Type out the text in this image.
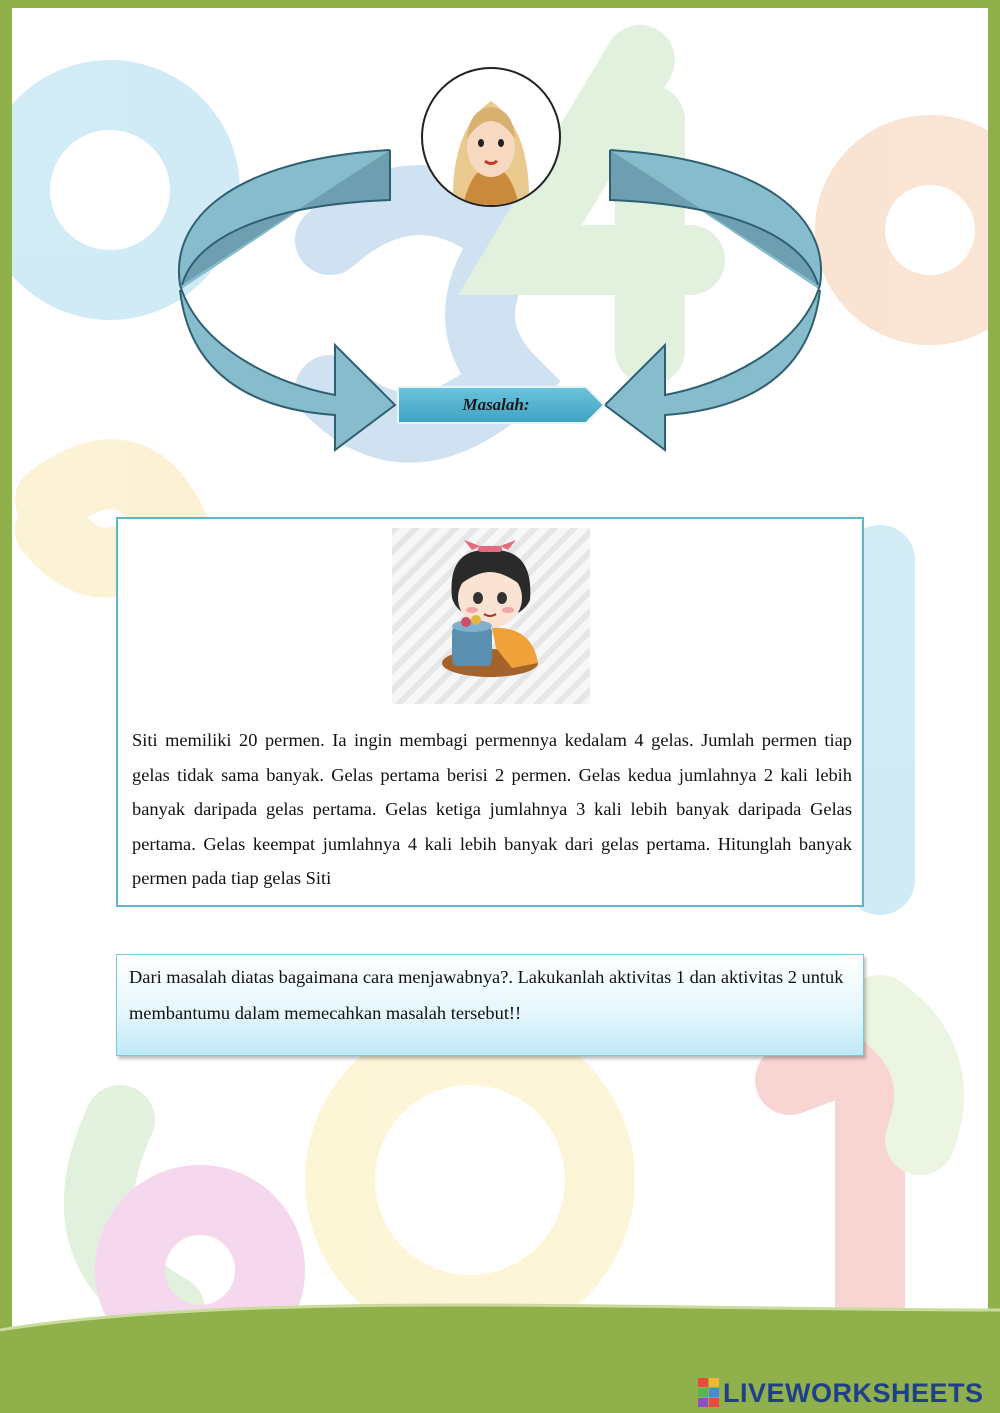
Masalah:

Siti memiliki 20 permen. Ia ingin membagi permennya kedalam 4 gelas. Jumlah permen tiap gelas tidak sama banyak. Gelas pertama berisi 2 permen. Gelas kedua jumlahnya 2 kali lebih banyak daripada gelas pertama. Gelas ketiga jumlahnya 3 kali lebih banyak daripada Gelas pertama. Gelas keempat jumlahnya 4 kali lebih banyak dari gelas pertama. Hitunglah banyak permen pada tiap gelas Siti

Dari masalah diatas bagaimana cara menjawabnya?. Lakukanlah aktivitas 1 dan aktivitas 2 untuk membantumu dalam memecahkan masalah tersebut!!

LIVEWORKSHEETS
